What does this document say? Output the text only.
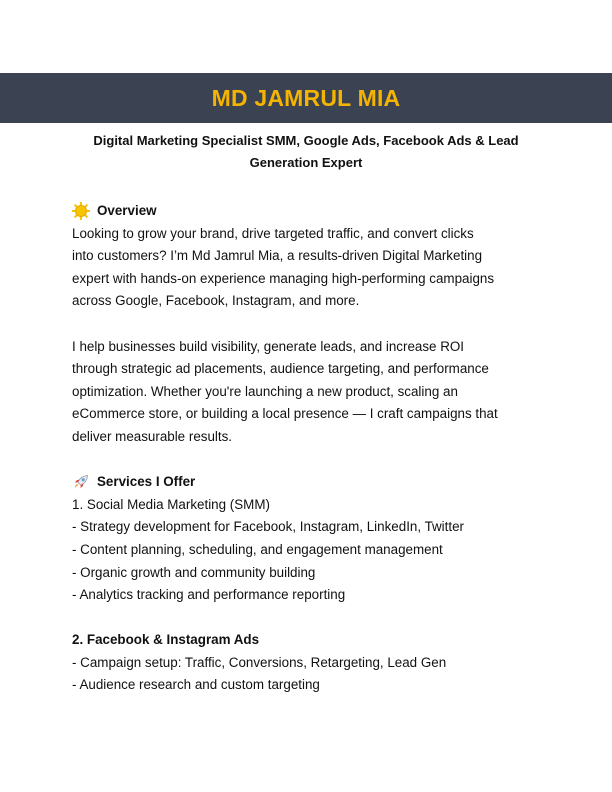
MD JAMRUL MIA
Digital Marketing Specialist SMM, Google Ads, Facebook Ads & Lead
Generation Expert
Overview

Looking to grow your brand, drive targeted traffic, and convert clicks

into customers? I’m Md Jamrul Mia, a results-driven Digital Marketing

expert with hands-on experience managing high-performing campaigns

across Google, Facebook, Instagram, and more.

I help businesses build visibility, generate leads, and increase ROI

through strategic ad placements, audience targeting, and performance

optimization. Whether you're launching a new product, scaling an

eCommerce store, or building a local presence — I craft campaigns that

deliver measurable results.

Services I Offer

1. Social Media Marketing (SMM)

- Strategy development for Facebook, Instagram, LinkedIn, Twitter

- Content planning, scheduling, and engagement management

- Organic growth and community building

- Analytics tracking and performance reporting

2. Facebook & Instagram Ads

- Campaign setup: Traffic, Conversions, Retargeting, Lead Gen

- Audience research and custom targeting
